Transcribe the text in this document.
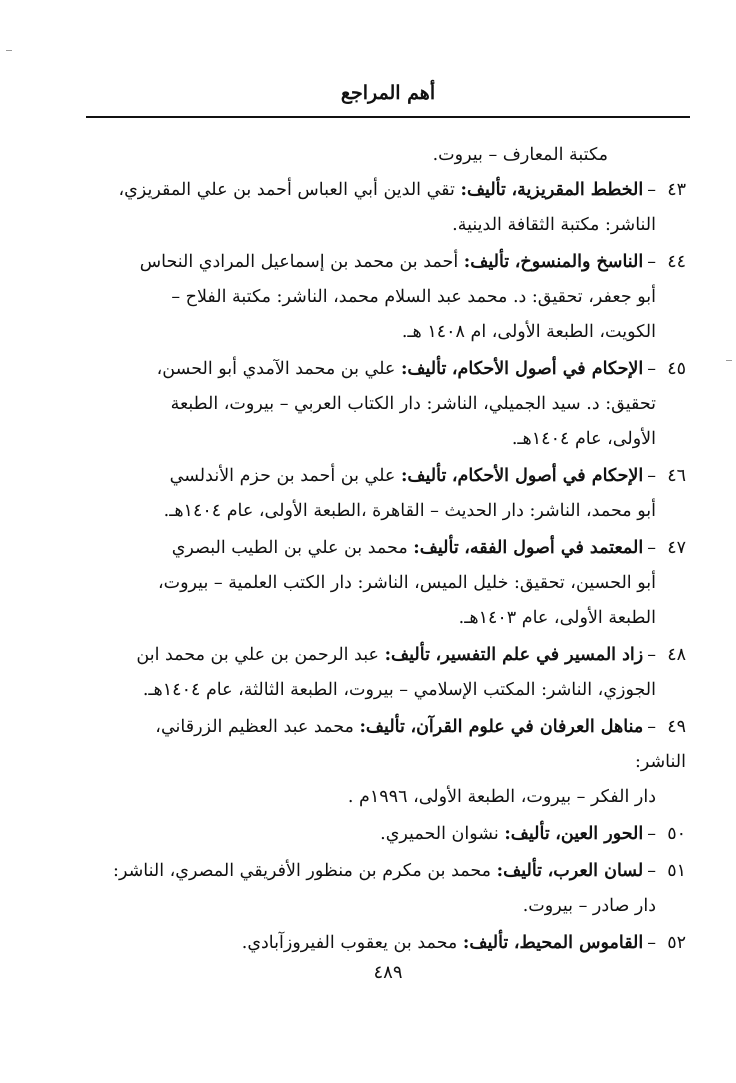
أهم المراجع
مكتبة المعارف – بيروت.
٤٣–الخطط المقريزية، تأليف: تقي الدين أبي العباس أحمد بن علي المقريزي،
الناشر: مكتبة الثقافة الدينية.
٤٤–الناسخ والمنسوخ، تأليف: أحمد بن محمد بن إسماعيل المرادي النحاس
أبو جعفر، تحقيق: د. محمد عبد السلام محمد، الناشر: مكتبة الفلاح –
الكويت، الطبعة الأولى، ام ١٤٠٨ هـ.
٤٥–الإحكام في أصول الأحكام، تأليف: علي بن محمد الآمدي أبو الحسن،
تحقيق: د. سيد الجميلي، الناشر: دار الكتاب العربي – بيروت، الطبعة
الأولى، عام ١٤٠٤هـ.
٤٦–الإحكام في أصول الأحكام، تأليف: علي بن أحمد بن حزم الأندلسي
أبو محمد، الناشر: دار الحديث – القاهرة ،الطبعة الأولى، عام ١٤٠٤هـ.
٤٧–المعتمد في أصول الفقه، تأليف: محمد بن علي بن الطيب البصري
أبو الحسين، تحقيق: خليل الميس، الناشر: دار الكتب العلمية – بيروت،
الطبعة الأولى، عام ١٤٠٣هـ.
٤٨–زاد المسير في علم التفسير، تأليف: عبد الرحمن بن علي بن محمد ابن
الجوزي، الناشر: المكتب الإسلامي – بيروت، الطبعة الثالثة، عام ١٤٠٤هـ.
٤٩–مناهل العرفان في علوم القرآن، تأليف: محمد عبد العظيم الزرقاني، الناشر:
دار الفكر – بيروت، الطبعة الأولى، ١٩٩٦م .
٥٠–الحور العين، تأليف: نشوان الحميري.
٥١–لسان العرب، تأليف: محمد بن مكرم بن منظور الأفريقي المصري، الناشر:
دار صادر – بيروت.
٥٢–القاموس المحيط، تأليف: محمد بن يعقوب الفيروزآبادي.
٤٨٩
